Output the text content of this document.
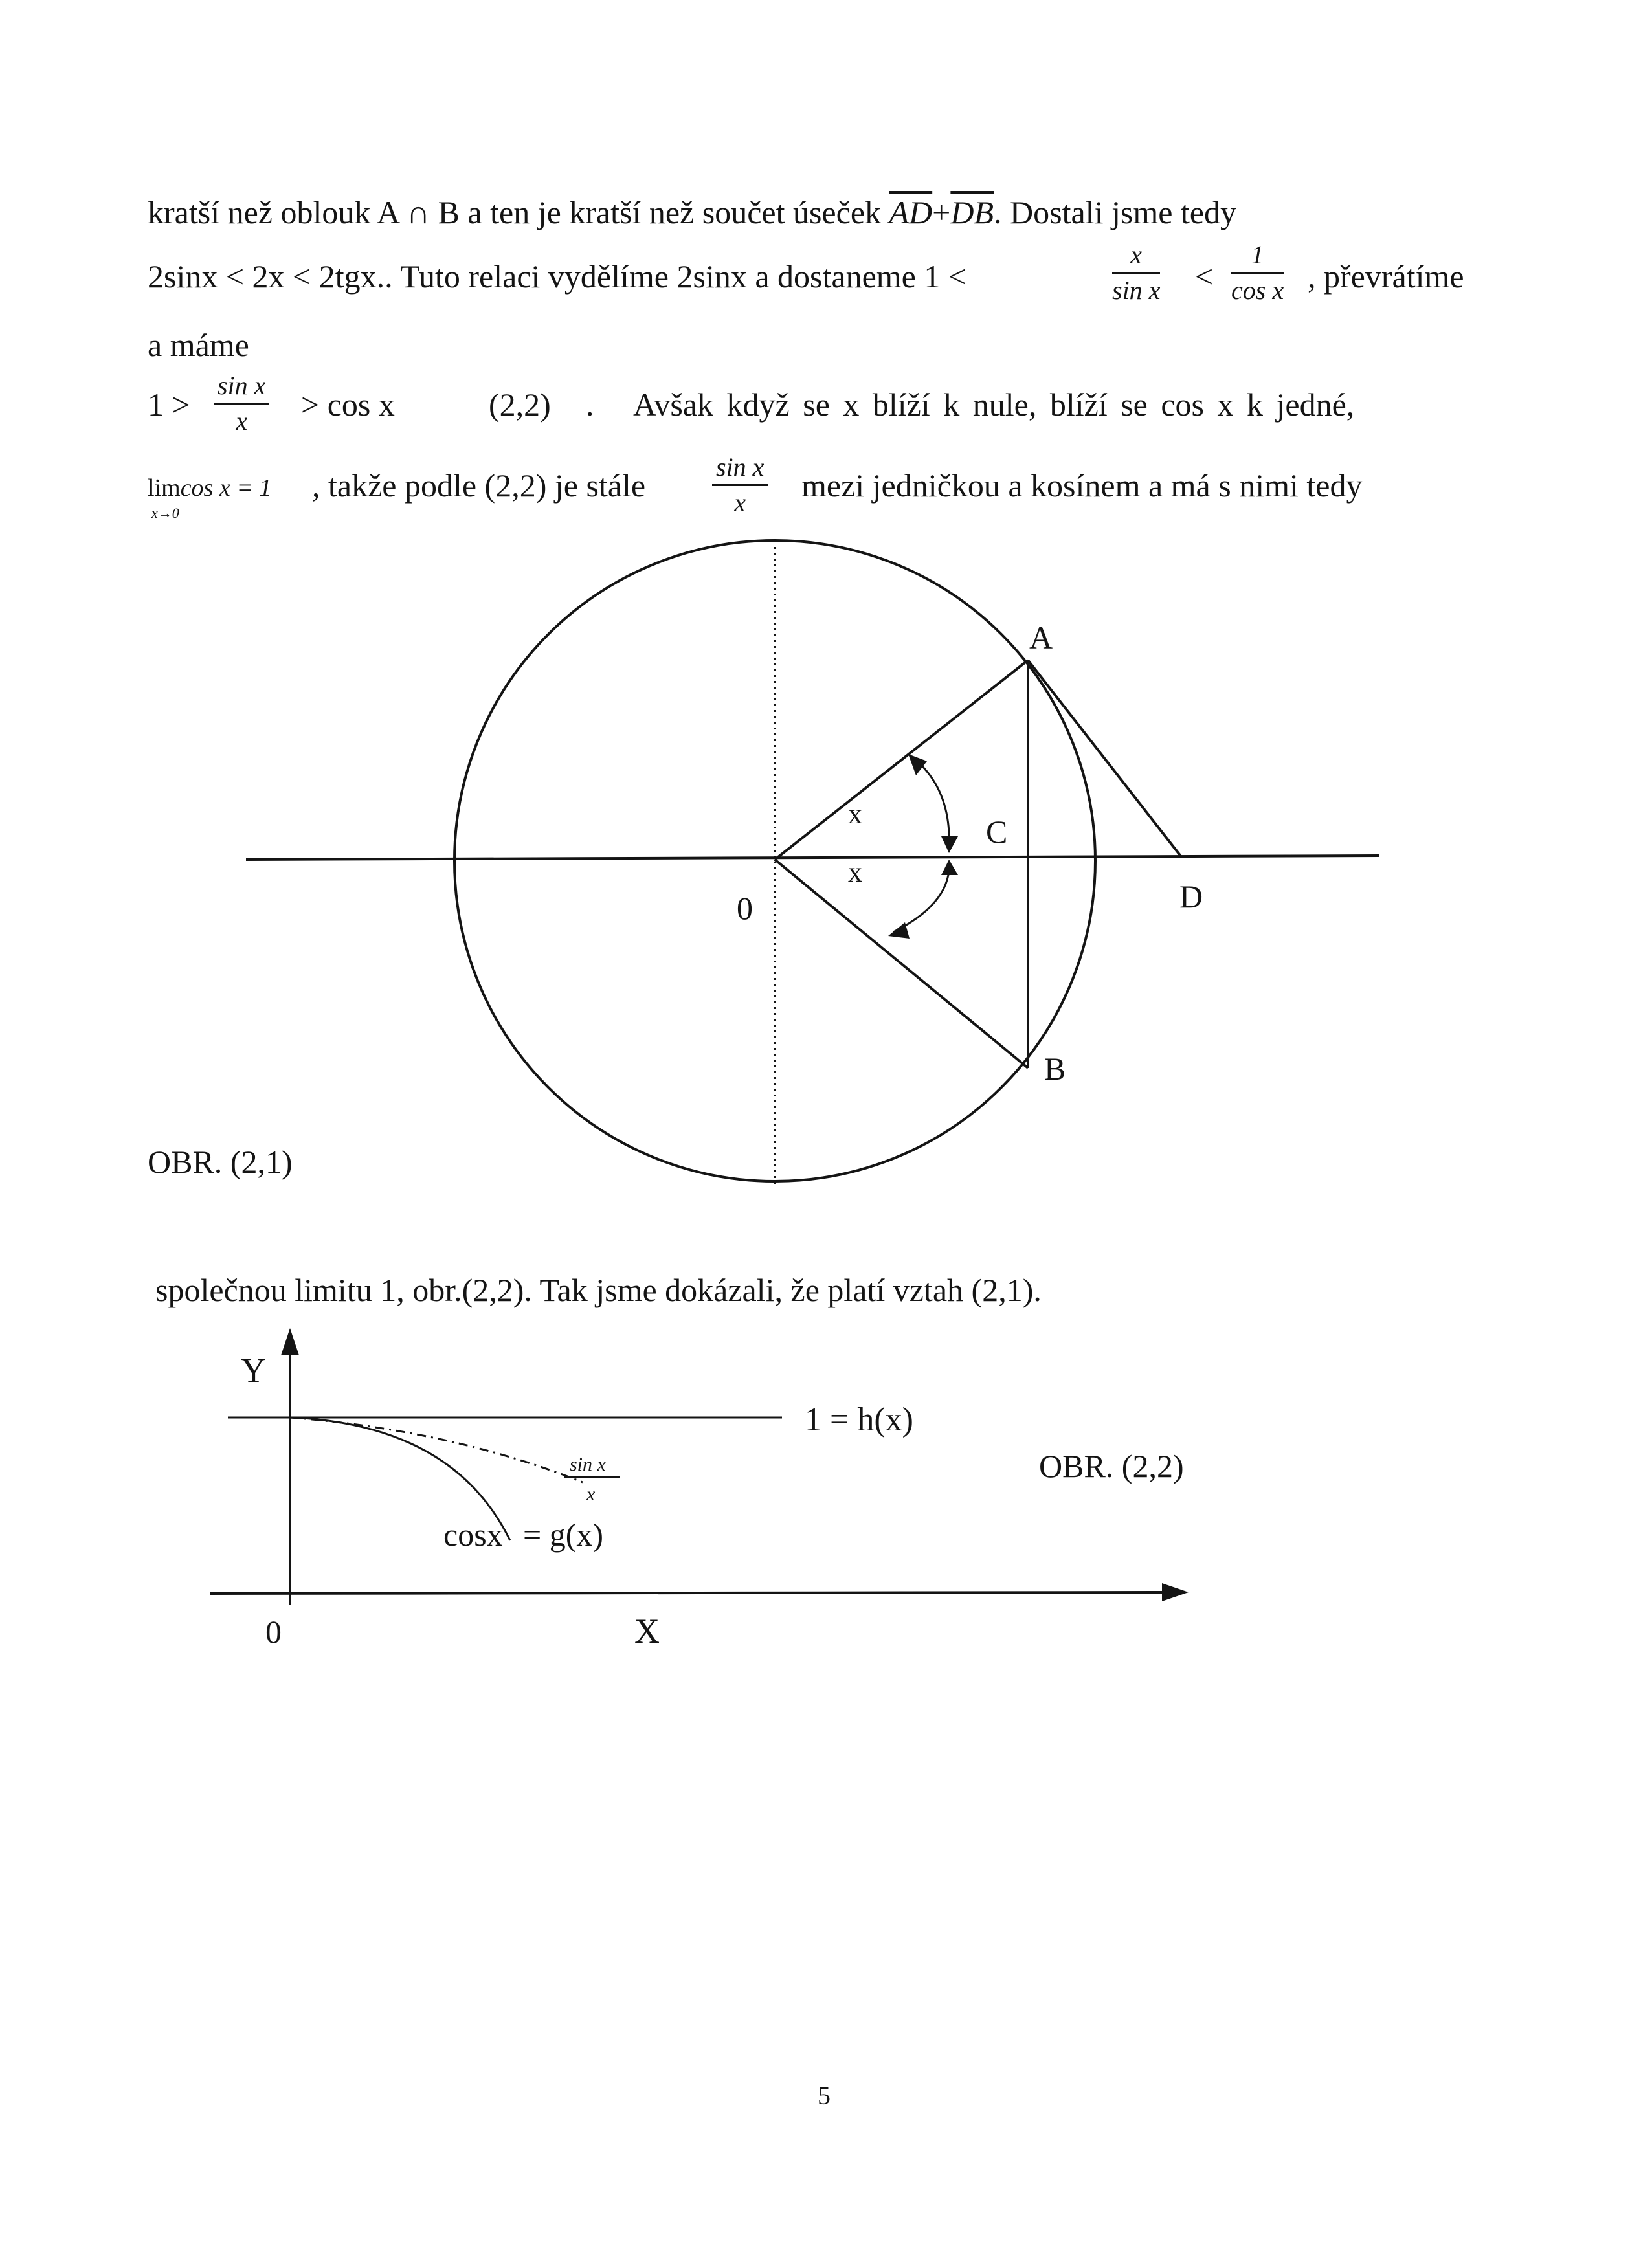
kratší než oblouk A ∩ B a ten je kratší než součet úseček $\overline{AD}+\overline{DB}$. Dostali jsme tedy
2sinx < 2x < 2tgx.. Tuto relaci vydělíme 2sinx a dostaneme 1 <
x
sin x <
1
cos x , převrátíme
a máme
1 >
sin x
x	> cos x	(2,2) . Avšak když se x blíží k nule, blíží se cos x k jedné,
limcos x = 1
x→0
, takže podle (2,2) je stále
sin x
x	mezi jedničkou a kosínem a má s nimi tedy
A
B
C
D
0
x
x
OBR. (2,1)
společnou limitu 1, obr.(2,2). Tak jsme dokázali, že platí vztah (2,1).
Y
X
0
1 = h(x)
sin x
x
cosx = g(x)
OBR. (2,2)
5
